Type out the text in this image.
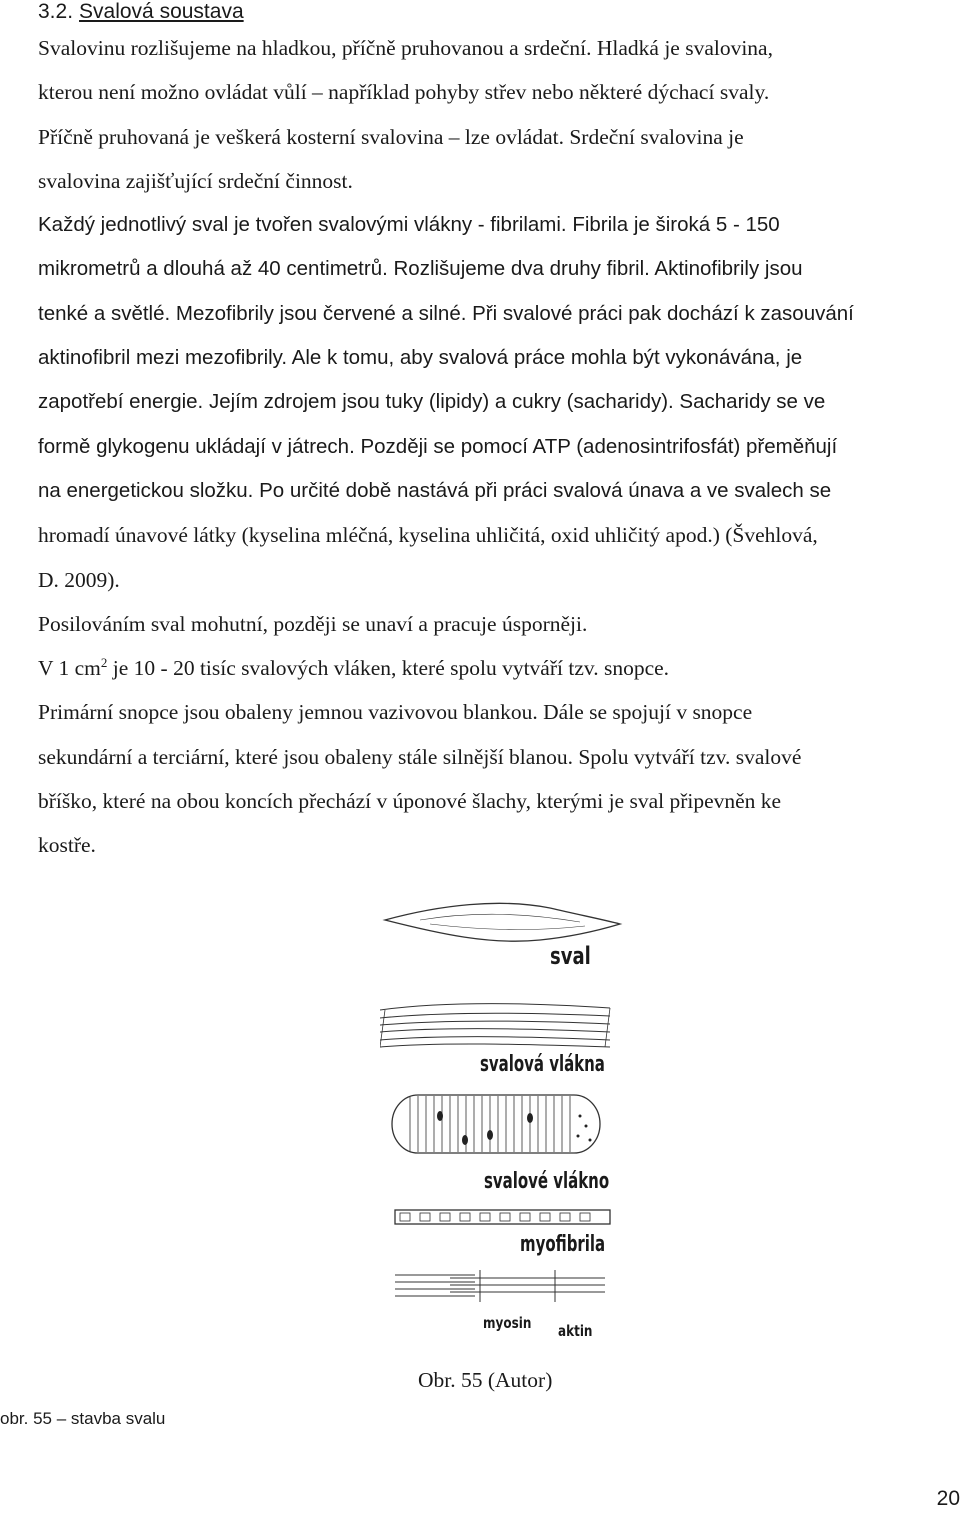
3.2. Svalová soustava
Svalovinu rozlišujeme na hladkou, příčně pruhovanou a srdeční. Hladká je svalovina,
kterou není možno ovládat vůlí – například pohyby střev nebo některé dýchací svaly.
Příčně pruhovaná je veškerá kosterní svalovina – lze ovládat. Srdeční svalovina je
svalovina zajišťující srdeční činnost.
Každý jednotlivý sval je tvořen svalovými vlákny - fibrilami. Fibrila je široká 5 - 150
mikrometrů a dlouhá až 40 centimetrů. Rozlišujeme dva druhy fibril. Aktinofibrily jsou
tenké a světlé. Mezofibrily jsou červené a silné. Při svalové práci pak dochází k zasouvání
aktinofibril mezi mezofibrily. Ale k tomu, aby svalová práce mohla být vykonávána, je
zapotřebí energie. Jejím zdrojem jsou tuky (lipidy) a cukry (sacharidy). Sacharidy se ve
formě glykogenu ukládají v játrech. Později se pomocí ATP (adenosintrifosfát) přeměňují
na energetickou složku. Po určité době nastává při práci svalová únava a ve svalech se
hromadí únavové látky (kyselina mléčná, kyselina uhličitá, oxid uhličitý apod.) (Švehlová,
D. 2009).
Posilováním sval mohutní, později se unaví a pracuje úsporněji.
V 1 $cm^2$ je 10 - 20 tisíc svalových vláken, které spolu vytváří tzv. snopce.
Primární snopce jsou obaleny jemnou vazivovou blankou. Dále se spojují v snopce
sekundární a terciární, které jsou obaleny stále silnější blanou. Spolu vytváří tzv. svalové
bříško, které na obou koncích přechází v úponové šlachy, kterými je sval připevněn ke
kostře.
sval
svalová vlákna
svalové vlákno
myofibrila
myosin aktin
Obr. 55 (Autor)
obr. 55 – stavba svalu
20
